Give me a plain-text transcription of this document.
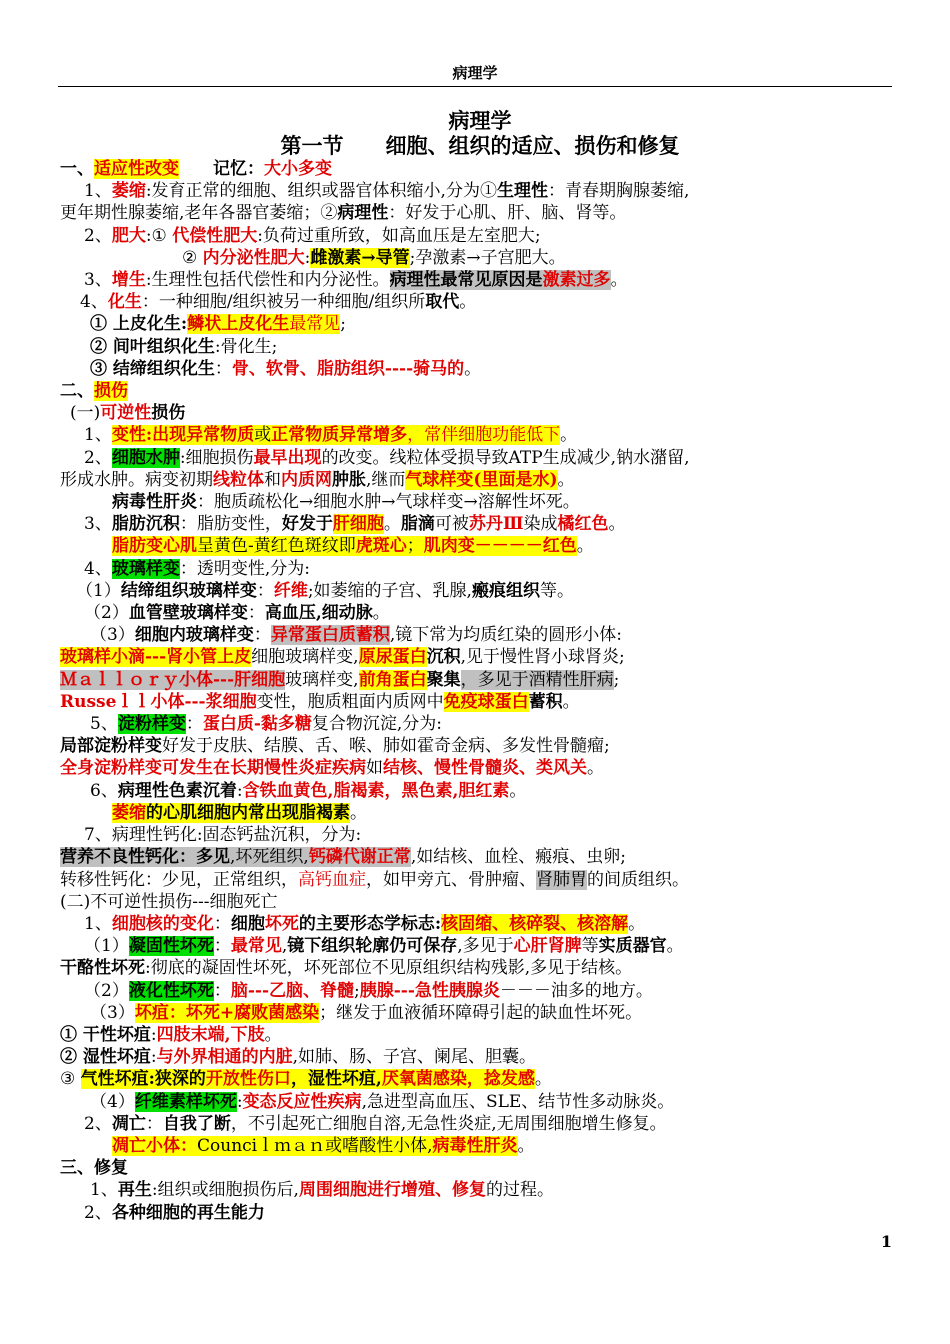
病理学
病理学
第一节　　细胞、组织的适应、损伤和修复
一、适应性改变　　 记忆：大小多变
1、萎缩:发育正常的细胞、组织或器官体积缩小,分为①生理性：青春期胸腺萎缩,
更年期性腺萎缩,老年各器官萎缩；②病理性：好发于心肌、肝、脑、肾等。
2、肥大:① 代偿性肥大:负荷过重所致，如高血压是左室肥大;
② 内分泌性肥大:雌激素→导管;孕激素→子宫肥大。
3、增生:生理性包括代偿性和内分泌性。病理性最常见原因是激素过多。
4、化生：一种细胞/组织被另一种细胞/组织所取代。
① 上皮化生:鳞状上皮化生最常见;
② 间叶组织化生:骨化生;
③ 结缔组织化生：骨、软骨、脂肪组织----骑马的。
二、损伤
(一)可逆性损伤
1、变性:出现异常物质或正常物质异常增多，常伴细胞功能低下。
2、细胞水肿:细胞损伤最早出现的改变。线粒体受损导致ATP生成减少,钠水潴留,
形成水肿。病变初期线粒体和内质网肿胀,继而气球样变(里面是水)。
病毒性肝炎：胞质疏松化→细胞水肿→气球样变→溶解性坏死。
3、脂肪沉积：脂肪变性，好发于肝细胞。脂滴可被苏丹Ⅲ染成橘红色。
脂肪变心肌呈黄色-黄红色斑纹即虎斑心；肌肉变－－－－红色。
4、玻璃样变：透明变性,分为:
（1）结缔组织玻璃样变：纤维;如萎缩的子宫、乳腺,瘢痕组织等。
（2）血管壁玻璃样变：高血压,细动脉。
（3）细胞内玻璃样变：异常蛋白质蓄积,镜下常为均质红染的圆形小体:
玻璃样小滴---肾小管上皮细胞玻璃样变,原尿蛋白沉积,见于慢性肾小球肾炎;
Ｍａｌｌｏｒｙ小体---肝细胞玻璃样变,前角蛋白聚集，多见于酒精性肝病;
Russeｌｌ小体---浆细胞变性，胞质粗面内质网中免疫球蛋白蓄积。
5、淀粉样变：蛋白质-黏多糖复合物沉淀,分为:
局部淀粉样变好发于皮肤、结膜、舌、喉、肺如霍奇金病、多发性骨髓瘤;
全身淀粉样变可发生在长期慢性炎症疾病如结核、慢性骨髓炎、类风关。
6、病理性色素沉着:含铁血黄色,脂褐素，黑色素,胆红素。
萎缩的心肌细胞内常出现脂褐素。
7、病理性钙化:固态钙盐沉积，分为:
营养不良性钙化：多见,坏死组织,钙磷代谢正常,如结核、血栓、瘢痕、虫卵;
转移性钙化：少见，正常组织，高钙血症，如甲旁亢、骨肿瘤、肾肺胃的间质组织。
(二)不可逆性损伤---细胞死亡
1、细胞核的变化：细胞坏死的主要形态学标志:核固缩、核碎裂、核溶解。
（1）凝固性坏死：最常见,镜下组织轮廓仍可保存,多见于心肝肾脾等实质器官。
干酪性坏死:彻底的凝固性坏死，坏死部位不见原组织结构残影,多见于结核。
（2）液化性坏死：脑---乙脑、脊髓;胰腺---急性胰腺炎－－－油多的地方。
（3）坏疽：坏死+腐败菌感染；继发于血液循环障碍引起的缺血性坏死。
① 干性坏疽:四肢末端,下肢。
② 湿性坏疽:与外界相通的内脏,如肺、肠、子宫、阑尾、胆囊。
③ 气性坏疽:狭深的开放性伤口，湿性坏疽,厌氧菌感染，捻发感。
（4）纤维素样坏死:变态反应性疾病,急进型高血压、SLE、结节性多动脉炎。
2、凋亡：自我了断，不引起死亡细胞自溶,无急性炎症,无周围细胞增生修复。
凋亡小体：Counciｌｍａｎ或嗜酸性小体,病毒性肝炎。
三、修复
1、再生:组织或细胞损伤后,周围细胞进行增殖、修复的过程。
2、各种细胞的再生能力
1
